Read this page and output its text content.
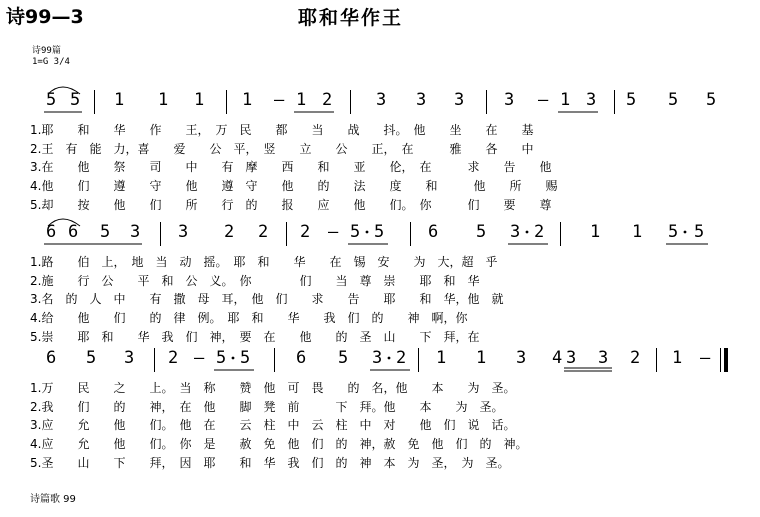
诗99—3	耶和华作王
诗99篇
1=G 3/4
5 5 1 1 1 1 – 1 2	3 3 3 3 – 1 3 5 5 5
1.耶　　和　　华　　作　　王，　万　民　　都　　当　　战　　抖。　他　　坐　　在　　基
2.王　有　能　力，喜　　爱　　公　平，　竖　　立　　公　　正，　在　　　雅　　各　　中
3.在　　他　　祭　　司　　中　　有　摩　　西　　和　　亚　　伦，　在　　　求　　告　　他
4.他　　们　　遵　　守　　他　　遵　守　　他　　的　　法　　度　　和　　　他　　所　　赐
5.却　　按　　他　　们　　所　　行　的　　报　　应　　他　　们。　你　　　们　　要　　尊
6 6 5 3 3 2 2 2 – 5 5	6 5 3 2	1 1 5 5
1.路　　伯　上，　地　当　动　摇。　耶　和　　华　　在　锡　安　　为　大，超　乎
2.施　　行　公　　平　和　公　义。　你　　　　们　　当　尊　崇　　耶　和　华
3.名　的　人　中　　有　撒　母　耳，　他　们　　求　　告　　耶　　和　华，他　就
4.给　　他　　们　　的　律　例。　耶　和　　华　　我　们　的　　神　啊，你
5.崇　　耶　和　　华　我　们　神，　要　在　　他　　的　圣　山　　下　拜，在
6 5 3 2 – 5 5	6 5 3 2 1 1 3 4 3 3 2 1 –
1.万　　民　　之　　上。　当　称　　赞　他　可　畏　　的　名，他　　本　　为　圣。
2.我　　们　　的　　神，　在　他　　脚　凳　前　　　下　拜。他　　本　　为　圣。
3.应　　允　　他　　们。　他　在　　云　柱　中　云　柱　中　对　　他　们　说　话。
4.应　　允　　他　　们。　你　是　　赦　免　他　们　的　神，赦　免　他　们　的　神。
5.圣　　山　　下　　拜，　因　耶　　和　华　我　们　的　神　本　为　圣，　为　圣。
诗篇歌 99
